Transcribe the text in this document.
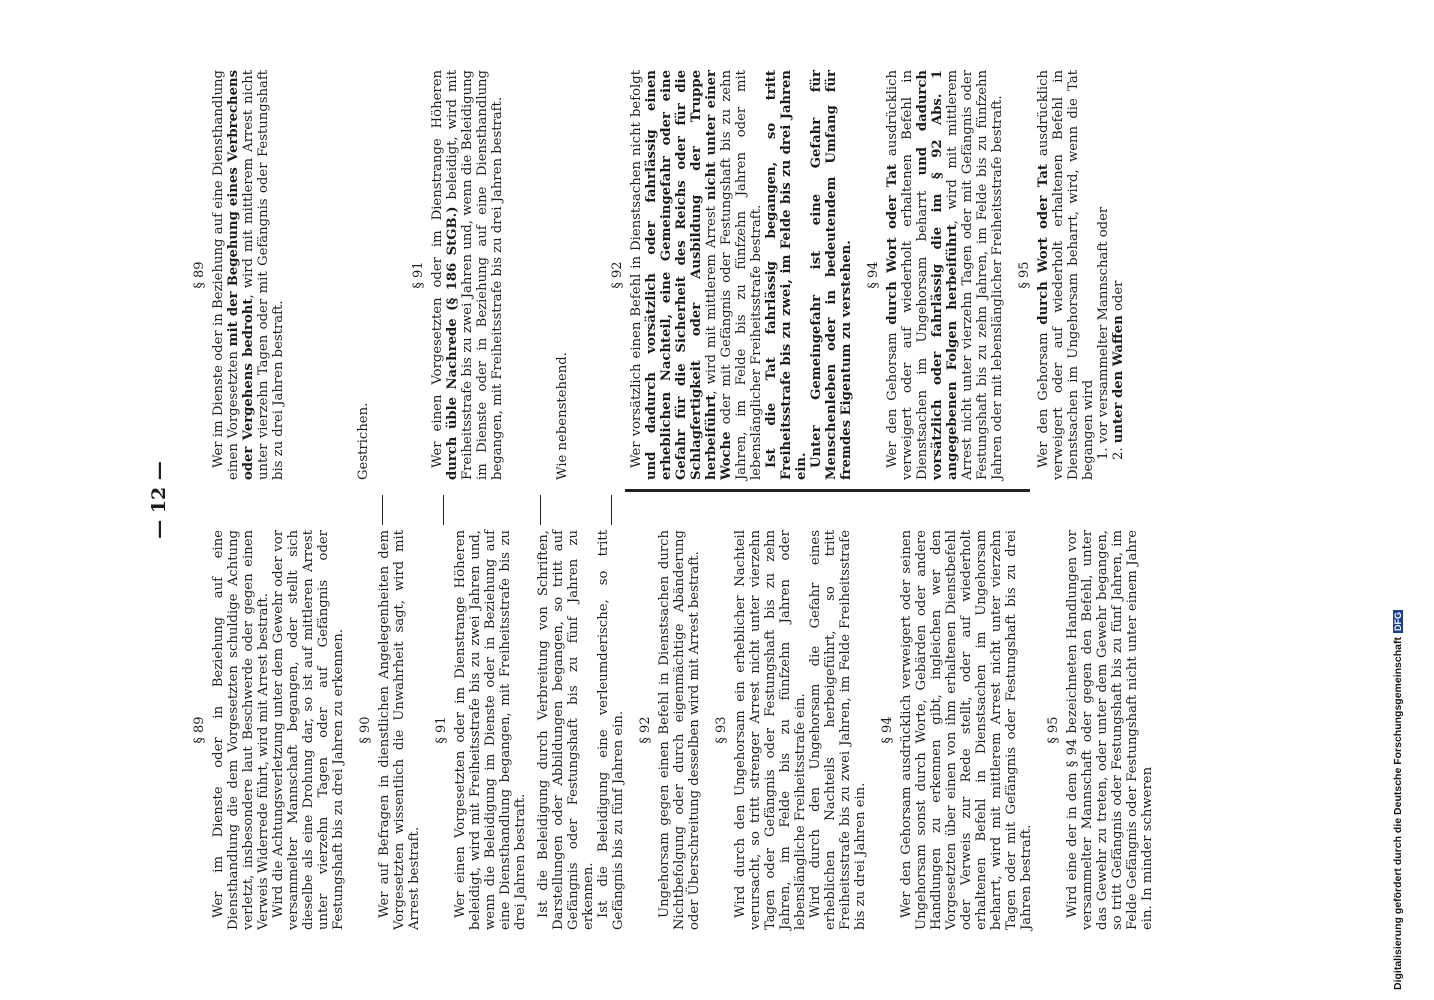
— 12 —
§ 89 Wer im Dienste oder in Beziehung auf eine Diensthandlung die dem Vorgesetzten schuldige Achtung verletzt, insbesondere laut Beschwerde oder gegen einen Verweis Widerrede führt, wird mit Arrest bestraft. Wird die Achtungsverletzung unter dem Gewehr oder vor versammelter Mannschaft begangen, oder stellt sich dieselbe als eine Drohung dar, so ist auf mittleren Arrest unter vierzehn Tagen oder auf Gefängnis oder Festungshaft bis zu drei Jahren zu erkennen. § 90 Wer auf Befragen in dienstlichen Angelegenheiten dem Vorgesetzten wissentlich die Unwahrheit sagt, wird mit Arrest bestraft.

§ 91 Wer einen Vorgesetzten oder im Dienstrange Höheren beleidigt, wird mit Freiheitsstrafe bis zu zwei Jahren und, wenn die Beleidigung im Dienste oder in Beziehung auf eine Diensthandlung begangen, mit Freiheitsstrafe bis zu drei Jahren bestraft. Ist die Beleidigung durch Verbreitung von Schriften, Darstellungen oder Abbildungen begangen, so tritt auf Gefängnis oder Festungshaft bis zu fünf Jahren zu erkennen. Ist die Beleidigung eine verleumderische, so tritt Gefängnis bis zu fünf Jahren ein. § 92 Ungehorsam gegen einen Befehl in Dienstsachen durch Nichtbefolgung oder durch eigenmächtige Abänderung oder Überschreitung desselben wird mit Arrest bestraft. § 93 Wird durch den Ungehorsam ein erheblicher Nachteil verursacht, so tritt strenger Arrest nicht unter vierzehn Tagen oder Gefängnis oder Festungshaft bis zu zehn Jahren, im Felde bis zu fünfzehn Jahren oder lebenslängliche Freiheitsstrafe ein. Wird durch den Ungehorsam die Gefahr eines erheblichen Nachteils herbeigeführt, so tritt Freiheitsstrafe bis zu zwei Jahren, im Felde Freiheitsstrafe bis zu drei Jahren ein.

§ 94 Wer den Gehorsam ausdrücklich verweigert oder seinen Ungehorsam sonst durch Worte, Gebärden oder andere Handlungen zu erkennen gibt, ingleichen wer den Vorgesetzten über einen von ihm erhaltenen Dienstbefehl oder Verweis zur Rede stellt, oder auf wiederholt erhaltenen Befehl in Dienstsachen im Ungehorsam beharrt, wird mit mittlerem Arrest nicht unter vierzehn Tagen oder mit Gefängnis oder Festungshaft bis zu drei Jahren bestraft.

§ 95 Wird eine der in dem § 94 bezeichneten Handlungen vor versammelter Mannschaft oder gegen den Befehl, unter das Gewehr zu treten, oder unter dem Gewehr begangen, so tritt Gefängnis oder Festungshaft bis zu fünf Jahren, im Felde Gefängnis oder Festungshaft nicht unter einem Jahre ein. In minder schweren

§ 89 Wer im Dienste oder in Beziehung auf eine Diensthandlung einen Vorgesetzten mit der Begehung eines Verbrechens oder Vergehens bedroht, wird mit mittlerem Arrest nicht unter vierzehn Tagen oder mit Gefängnis oder Festungshaft bis zu drei Jahren bestraft.	Gestrichen.

§ 91 Wer einen Vorgesetzten oder im Dienstrange Höheren durch üble Nachrede (§ 186 StGB.) beleidigt, wird mit Freiheitsstrafe bis zu zwei Jahren und, wenn die Beleidigung im Dienste oder in Beziehung auf eine Diensthandlung begangen, mit Freiheitsstrafe bis zu drei Jahren bestraft.	Wie nebenstehend.

§ 92 Wer vorsätzlich einen Befehl in Dienstsachen nicht befolgt und dadurch vorsätzlich oder fahrlässig einen erheblichen Nachteil, eine Gemeingefahr oder eine Gefahr für die Sicherheit des Reichs oder für die Schlagfertigkeit oder Ausbildung der Truppe herbeiführt, wird mit mittlerem Arrest nicht unter einer Woche oder mit Gefängnis oder Festungshaft bis zu zehn Jahren, im Felde bis zu fünfzehn Jahren oder mit lebenslänglicher Freiheitsstrafe bestraft. Ist die Tat fahrlässig begangen, so tritt Freiheitsstrafe bis zu zwei, im Felde bis zu drei Jahren ein. Unter Gemeingefahr ist eine Gefahr für Menschenleben oder in bedeutendem Umfang für fremdes Eigentum zu verstehen. § 94

Wer den Gehorsam durch Wort oder Tat ausdrücklich verweigert oder auf wiederholt erhaltenen Befehl in Dienstsachen im Ungehorsam beharrt und dadurch vorsätzlich oder fahrlässig die im § 92 Abs. 1 angegebenen Folgen herbeiführt, wird mit mittlerem Arrest nicht unter vierzehn Tagen oder mit Gefängnis oder Festungshaft bis zu zehn Jahren, im Felde bis zu fünfzehn Jahren oder mit lebenslänglicher Freiheitsstrafe bestraft. § 95

Wer den Gehorsam durch Wort oder Tat ausdrücklich verweigert oder auf wiederholt erhaltenen Befehl in Dienstsachen im Ungehorsam beharrt, wird, wenn die Tat begangen wird 1. vor versammelter Mannschaft oder 2. unter den Waffen oder

Digitalisierung gefördert durch die Deutsche ForschungsgemeinschaftDFG
